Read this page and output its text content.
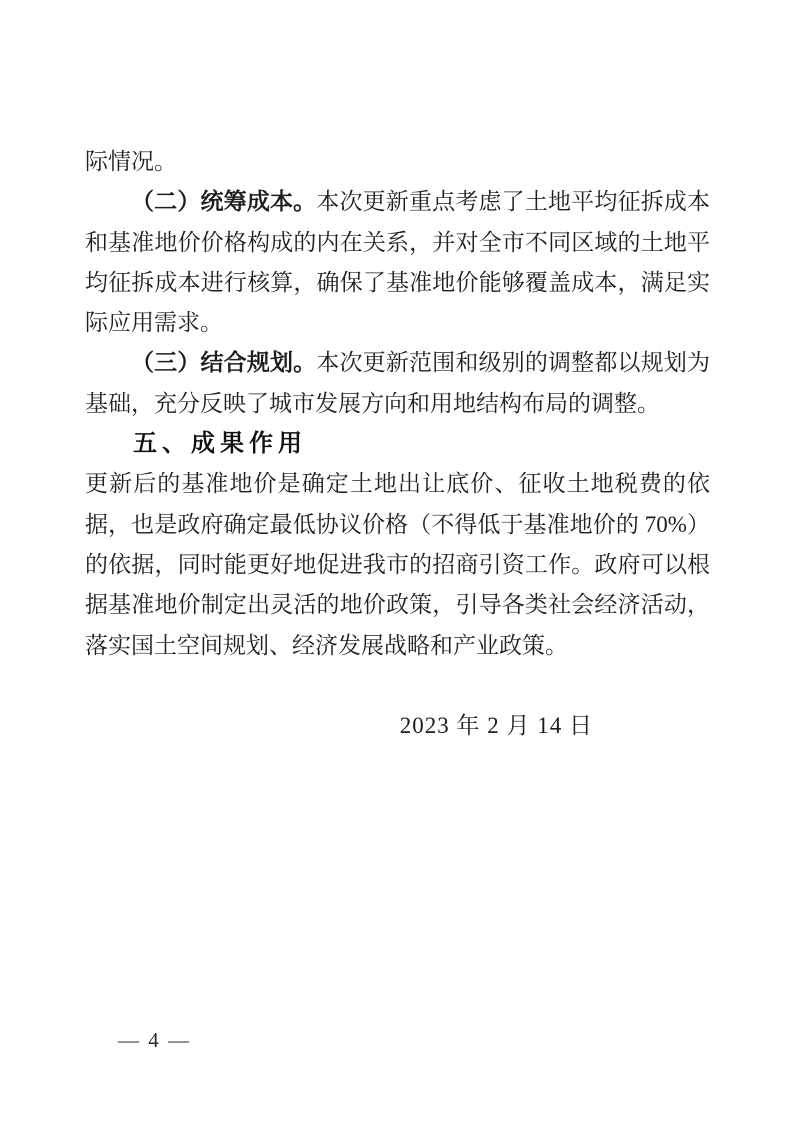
际情况。

（二）统筹成本。本次更新重点考虑了土地平均征拆成本和基准地价价格构成的内在关系，并对全市不同区域的土地平均征拆成本进行核算，确保了基准地价能够覆盖成本，满足实际应用需求。

（三）结合规划。本次更新范围和级别的调整都以规划为基础，充分反映了城市发展方向和用地结构布局的调整。

五、成果作用

更新后的基准地价是确定土地出让底价、征收土地税费的依据，也是政府确定最低协议价格（不得低于基准地价的 70%）的依据，同时能更好地促进我市的招商引资工作。政府可以根据基准地价制定出灵活的地价政策，引导各类社会经济活动，落实国土空间规划、经济发展战略和产业政策。

2023 年 2 月 14 日

— 4 —
